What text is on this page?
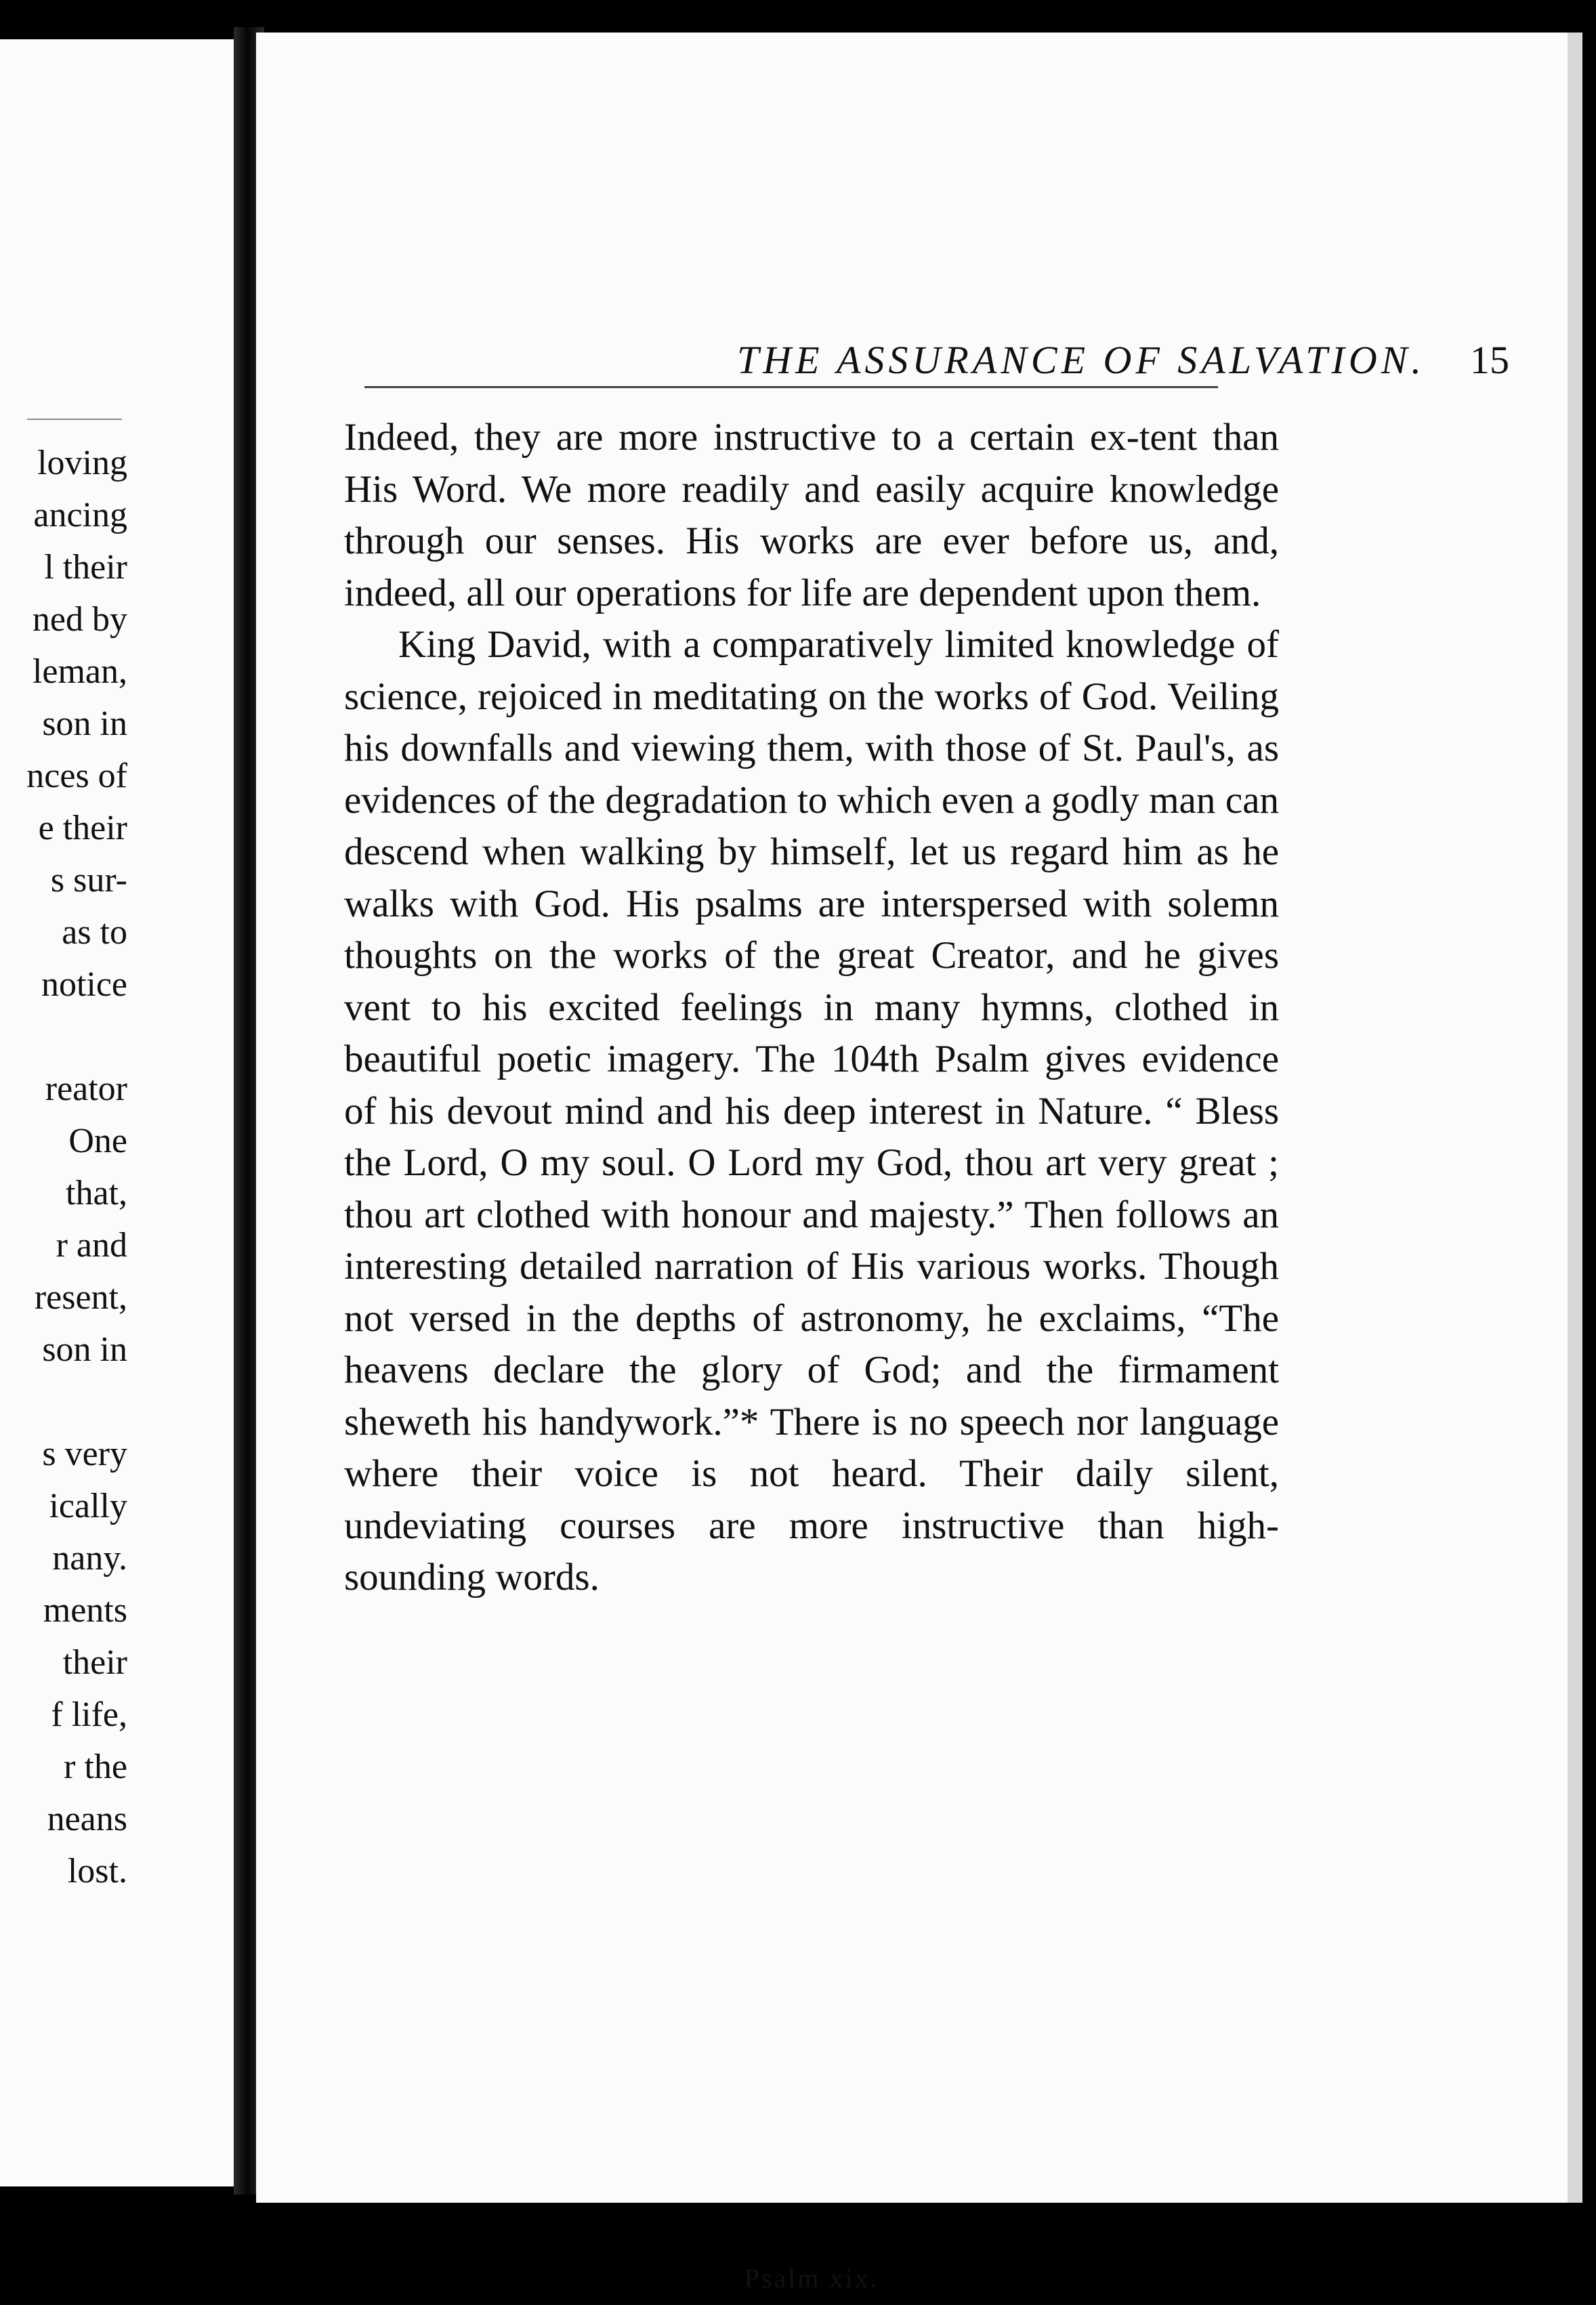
loving
ancing
l their
ned by
leman,
son in
nces of
e their
s sur-
as to
notice
reator
One
that,
r and
resent,
son in
s very
ically
nany.
ments
their
f life,
r the
neans
lost.
THE ASSURANCE OF SALVATION. 15

Indeed, they are more instructive to a certain ex-tent than His Word. We more readily and easily acquire knowledge through our senses. His works are ever before us, and, indeed, all our operations for life are dependent upon them.

King David, with a comparatively limited knowledge of science, rejoiced in meditating on the works of God. Veiling his downfalls and viewing them, with those of St. Paul's, as evidences of the degradation to which even a godly man can descend when walking by himself, let us regard him as he walks with God. His psalms are interspersed with solemn thoughts on the works of the great Creator, and he gives vent to his excited feelings in many hymns, clothed in beautiful poetic imagery. The 104th Psalm gives evidence of his devout mind and his deep interest in Nature. “ Bless the Lord, O my soul. O Lord my God, thou art very great ; thou art clothed with honour and majesty.” Then follows an interesting detailed narration of His various works. Though not versed in the depths of astronomy, he exclaims, “The heavens declare the glory of God; and the firmament sheweth his handywork.”* There is no speech nor language where their voice is not heard. Their daily silent, undeviating courses are more instructive than high-sounding words.

Psalm xix.
